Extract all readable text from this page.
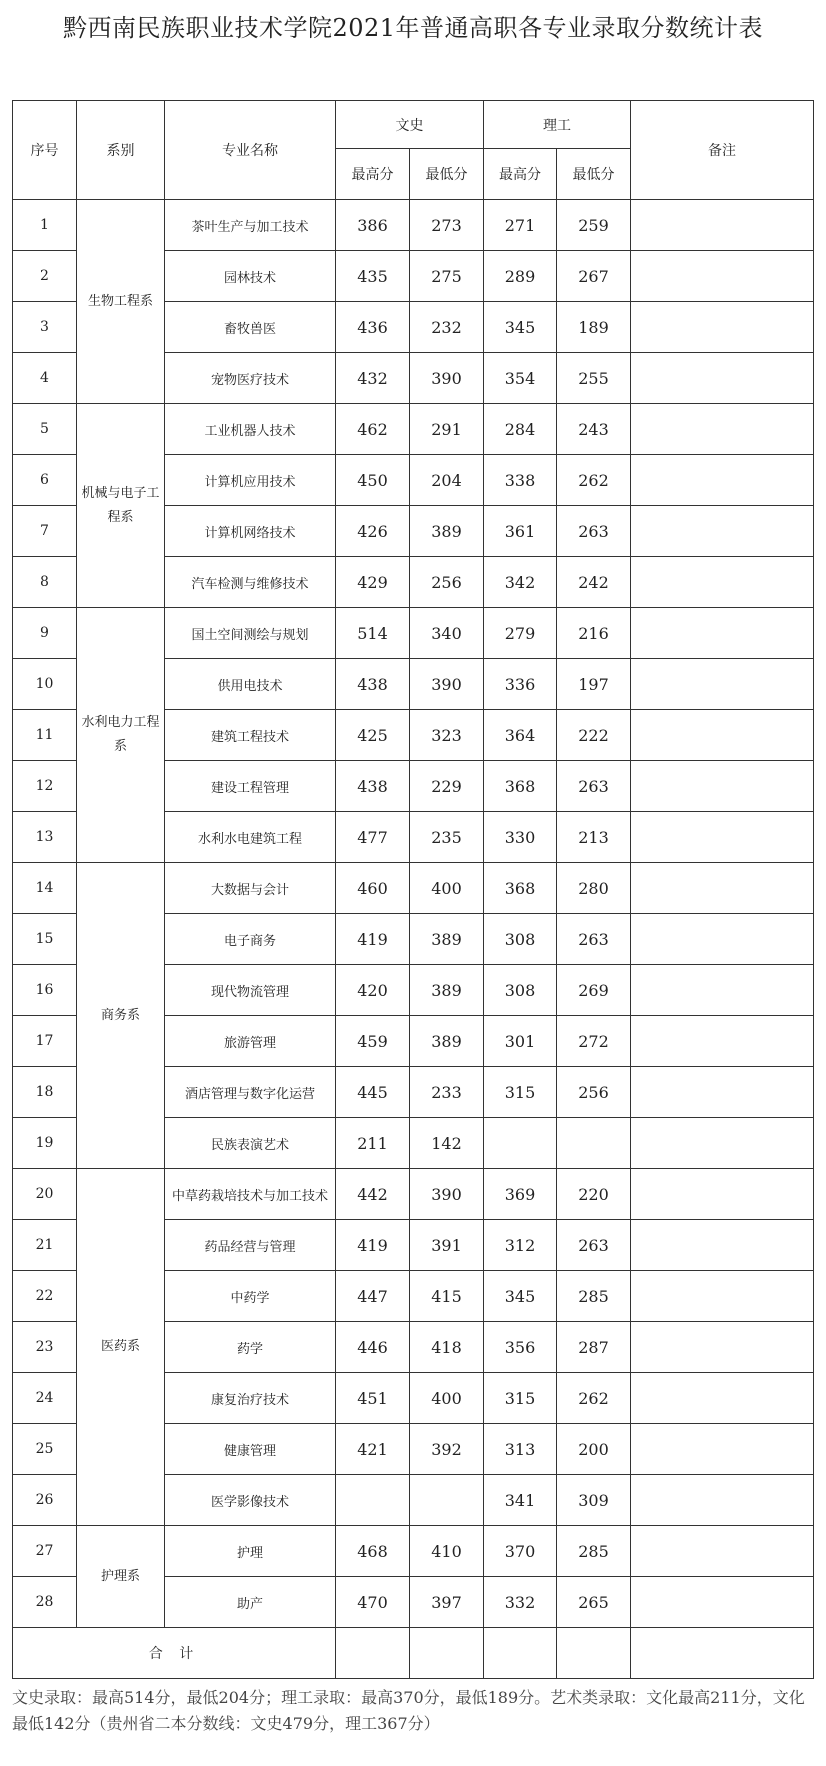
黔西南民族职业技术学院2021年普通高职各专业录取分数统计表
序号	系别	专业名称	文史		理工		备注
			最高分	最低分	最高分	最低分	
1	生物工程系	茶叶生产与加工技术	386	273	271	259	
2		园林技术	435	275	289	267	
3		畜牧兽医	436	232	345	189	
4		宠物医疗技术	432	390	354	255	
5	机械与电子工程系	工业机器人技术	462	291	284	243	
6		计算机应用技术	450	204	338	262	
7		计算机网络技术	426	389	361	263	
8		汽车检测与维修技术	429	256	342	242	
9	水利电力工程系	国土空间测绘与规划	514	340	279	216	
10		供用电技术	438	390	336	197	
11		建筑工程技术	425	323	364	222	
12		建设工程管理	438	229	368	263	
13		水利水电建筑工程	477	235	330	213	
14	商务系	大数据与会计	460	400	368	280	
15		电子商务	419	389	308	263	
16		现代物流管理	420	389	308	269	
17		旅游管理	459	389	301	272	
18		酒店管理与数字化运营	445	233	315	256	
19		民族表演艺术	211	142			
20	医药系	中草药栽培技术与加工技术	442	390	369	220	
21		药品经营与管理	419	391	312	263	
22		中药学	447	415	345	285	
23		药学	446	418	356	287	
24		康复治疗技术	451	400	315	262	
25		健康管理	421	392	313	200	
26		医学影像技术			341	309	
27	护理系	护理	468	410	370	285	
28		助产	470	397	332	265	
合 计							
文史录取：最高514分，最低204分；理工录取：最高370分，最低189分。艺术类录取：文化最高211分，文化最低142分（贵州省二本分数线：文史479分，理工367分）
